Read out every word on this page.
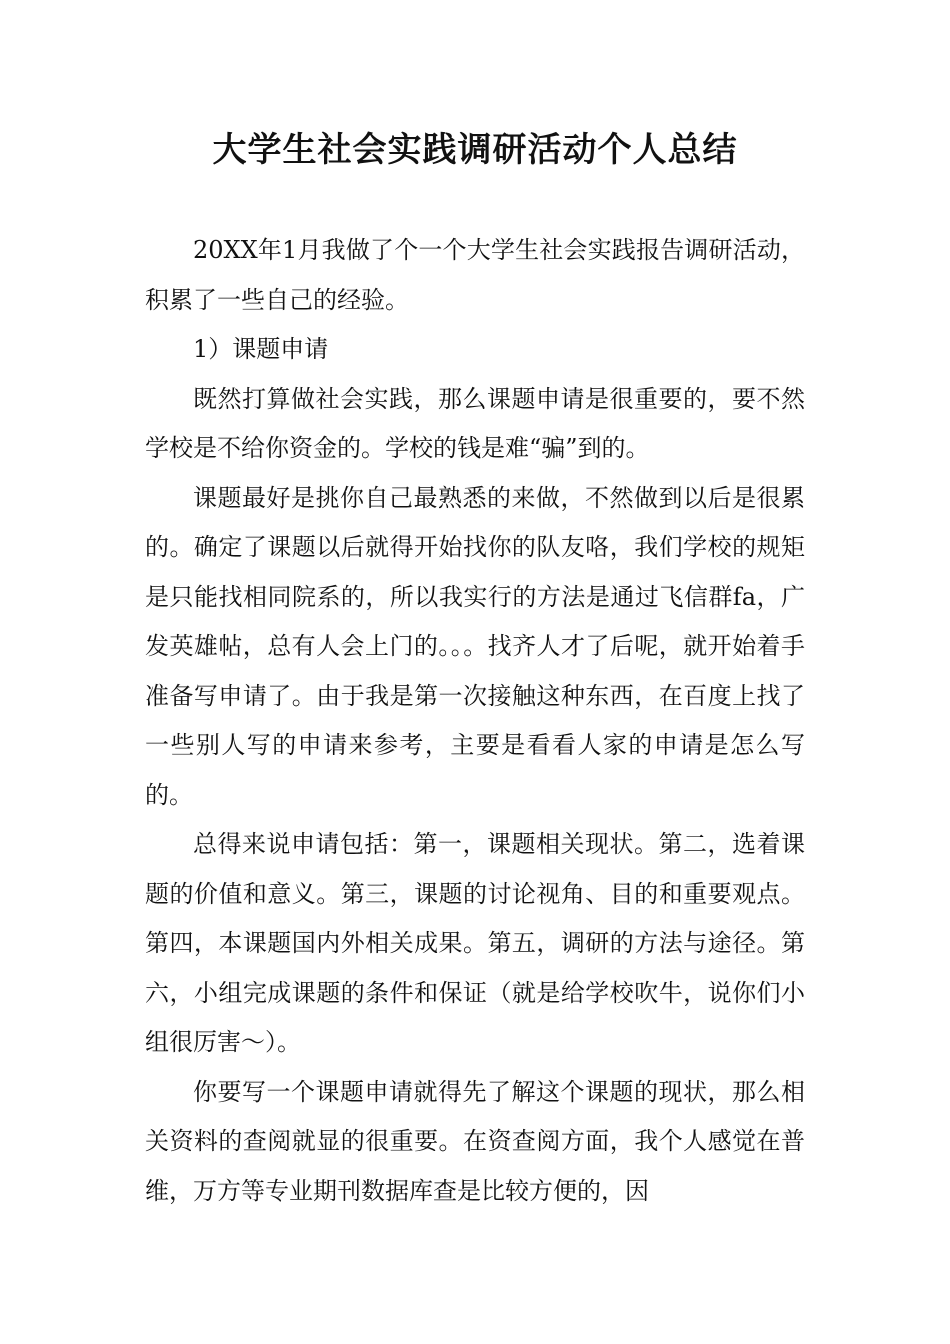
大学生社会实践调研活动个人总结

20XX年1月我做了个一个大学生社会实践报告调研活动，积累了一些自己的经验。

1）课题申请

既然打算做社会实践，那么课题申请是很重要的，要不然学校是不给你资金的。学校的钱是难“骗”到的。

课题最好是挑你自己最熟悉的来做，不然做到以后是很累的。确定了课题以后就得开始找你的队友咯，我们学校的规矩是只能找相同院系的，所以我实行的方法是通过飞信群fa，广发英雄帖，总有人会上门的。。。找齐人才了后呢，就开始着手准备写申请了。由于我是第一次接触这种东西，在百度上找了一些别人写的申请来参考，主要是看看人家的申请是怎么写的。

总得来说申请包括：第一，课题相关现状。第二，选着课题的价值和意义。第三，课题的讨论视角、目的和重要观点。第四，本课题国内外相关成果。第五，调研的方法与途径。第六，小组完成课题的条件和保证（就是给学校吹牛，说你们小组很厉害～）。

你要写一个课题申请就得先了解这个课题的现状，那么相关资料的查阅就显的很重要。在资查阅方面，我个人感觉在普维，万方等专业期刊数据库查是比较方便的，因
